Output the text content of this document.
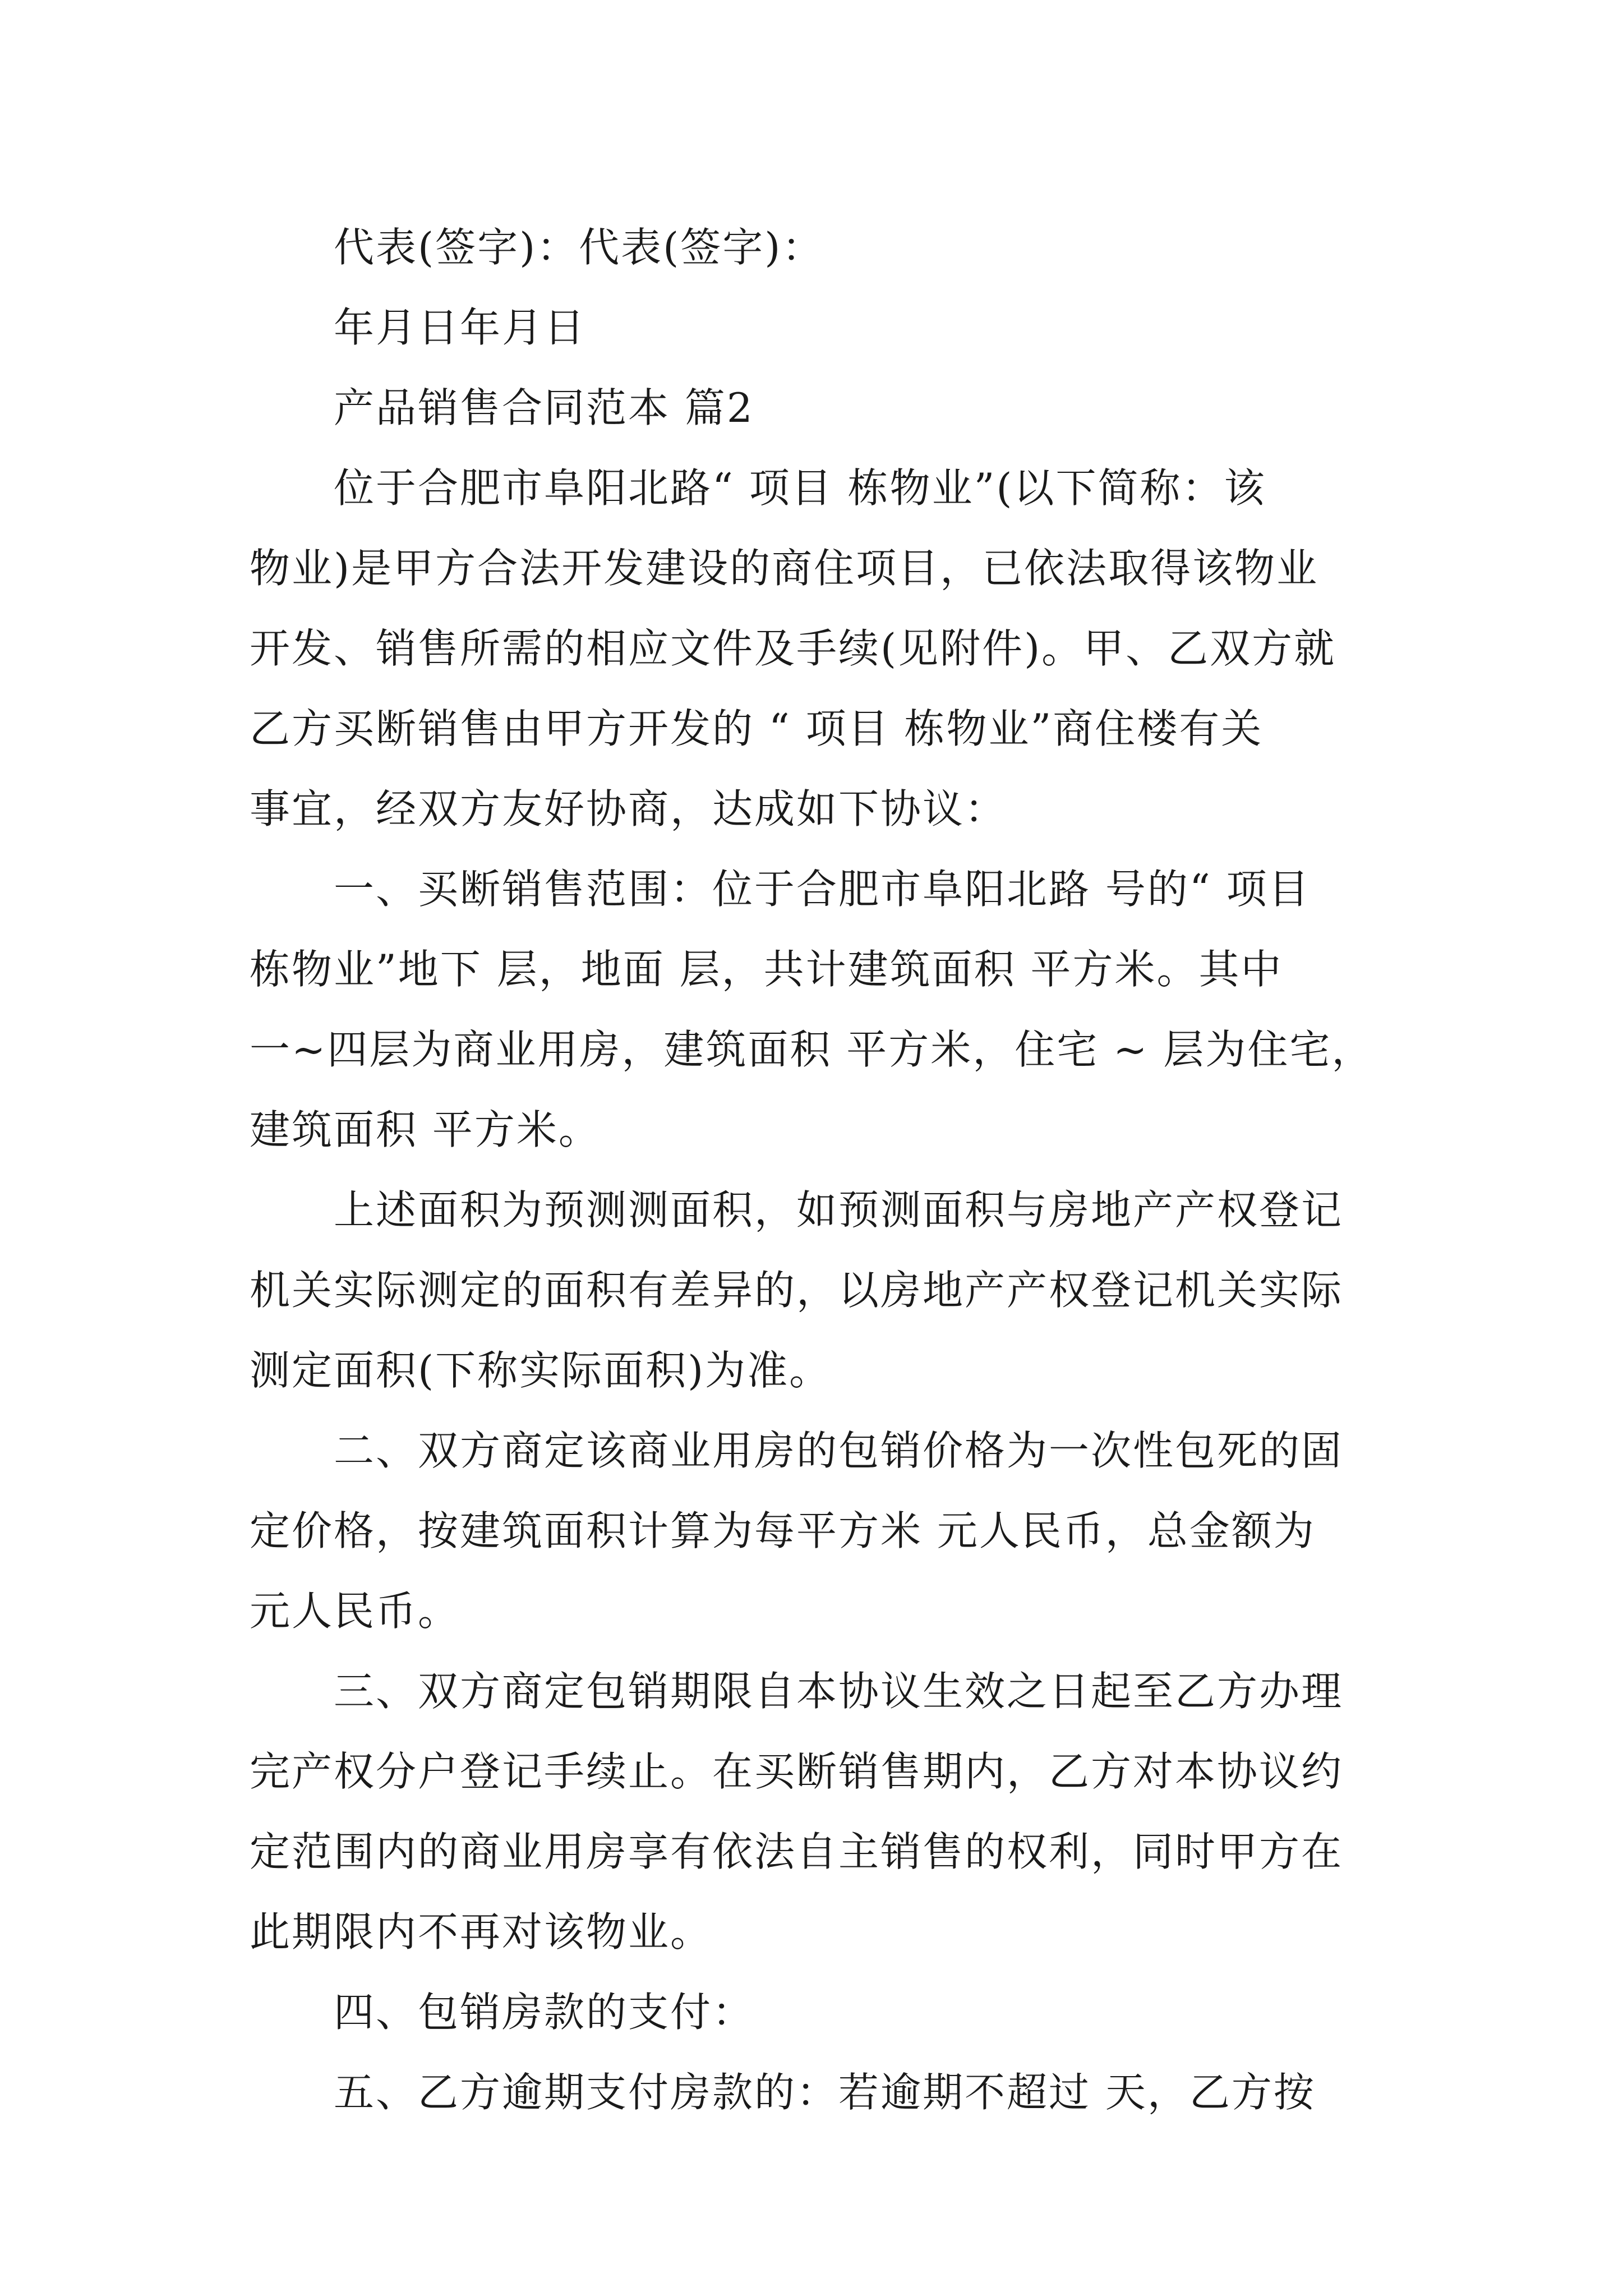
代表(签字)：代表(签字)：
年月日年月日
产品销售合同范本 篇2
位于合肥市阜阳北路“ 项目 栋物业”(以下简称：该
物业)是甲方合法开发建设的商住项目，已依法取得该物业
开发、销售所需的相应文件及手续(见附件)。甲、乙双方就
乙方买断销售由甲方开发的 “ 项目 栋物业”商住楼有关
事宜，经双方友好协商，达成如下协议：
一、买断销售范围：位于合肥市阜阳北路 号的“ 项目
栋物业”地下 层，地面 层，共计建筑面积 平方米。其中
一~四层为商业用房，建筑面积 平方米，住宅 ~ 层为住宅，
建筑面积 平方米。
上述面积为预测测面积，如预测面积与房地产产权登记
机关实际测定的面积有差异的，以房地产产权登记机关实际
测定面积(下称实际面积)为准。
二、双方商定该商业用房的包销价格为一次性包死的固
定价格，按建筑面积计算为每平方米 元人民币，总金额为
元人民币。
三、双方商定包销期限自本协议生效之日起至乙方办理
完产权分户登记手续止。在买断销售期内，乙方对本协议约
定范围内的商业用房享有依法自主销售的权利，同时甲方在
此期限内不再对该物业。
四、包销房款的支付：
五、乙方逾期支付房款的：若逾期不超过 天，乙方按
